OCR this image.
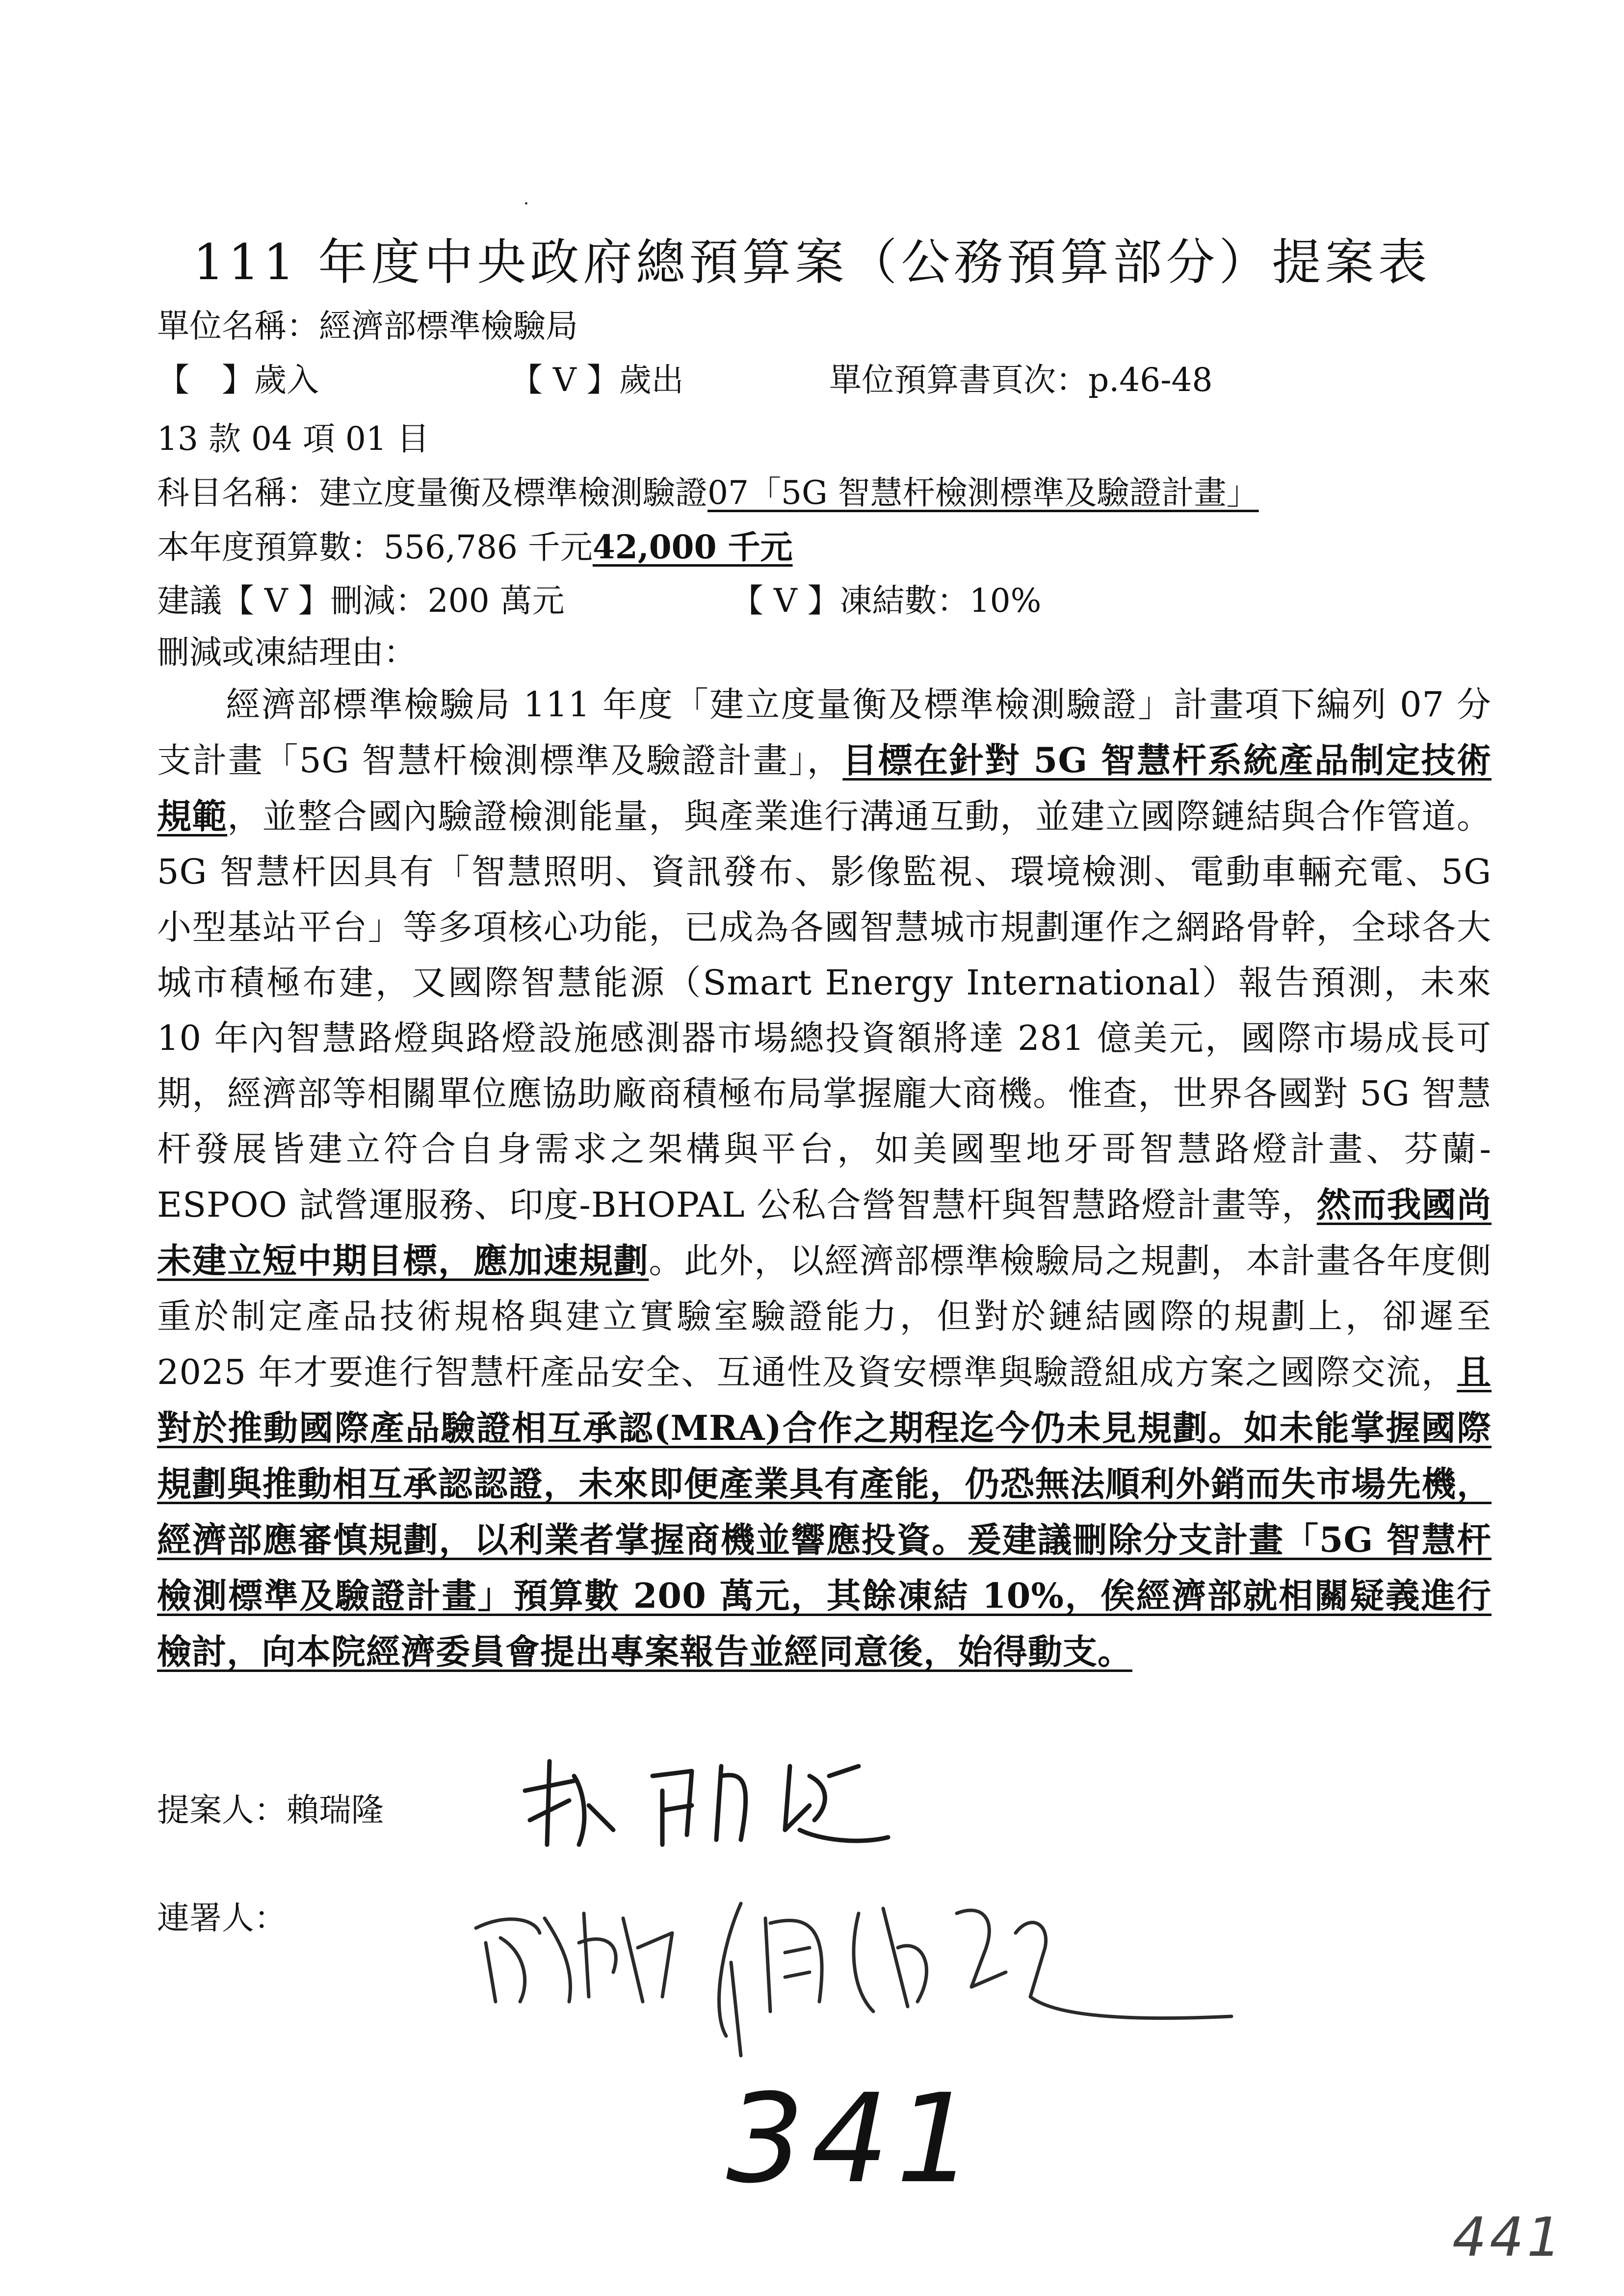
111 年度中央政府總預算案（公務預算部分）提案表
單位名稱：經濟部標準檢驗局
【　】歲入	【 V 】歲出	單位預算書頁次：p.46-48
13 款 04 項 01 目
科目名稱：建立度量衡及標準檢測驗證07「5G 智慧杆檢測標準及驗證計畫」
本年度預算數：556,786 千元42,000 千元
建議【 V 】刪減：200 萬元	【 V 】凍結數：10%
刪減或凍結理由：
經濟部標準檢驗局 111 年度「建立度量衡及標準檢測驗證」計畫項下編列 07 分支計畫「5G 智慧杆檢測標準及驗證計畫」，目標在針對 5G 智慧杆系統產品制定技術規範，並整合國內驗證檢測能量，與產業進行溝通互動，並建立國際鏈結與合作管道。5G 智慧杆因具有「智慧照明、資訊發布、影像監視、環境檢測、電動車輛充電、5G 小型基站平台」等多項核心功能，已成為各國智慧城市規劃運作之網路骨幹，全球各大城市積極布建，又國際智慧能源（Smart Energy International）報告預測，未來 10 年內智慧路燈與路燈設施感測器市場總投資額將達 281 億美元，國際市場成長可期，經濟部等相關單位應協助廠商積極布局掌握龐大商機。惟查，世界各國對 5G 智慧杆發展皆建立符合自身需求之架構與平台，如美國聖地牙哥智慧路燈計畫、芬蘭-ESPOO 試營運服務、印度-BHOPAL 公私合營智慧杆與智慧路燈計畫等，然而我國尚未建立短中期目標，應加速規劃。此外，以經濟部標準檢驗局之規劃，本計畫各年度側重於制定產品技術規格與建立實驗室驗證能力，但對於鏈結國際的規劃上，卻遲至 2025 年才要進行智慧杆產品安全、互通性及資安標準與驗證組成方案之國際交流，且對於推動國際產品驗證相互承認(MRA)合作之期程迄今仍未見規劃。如未能掌握國際規劃與推動相互承認認證，未來即便產業具有產能，仍恐無法順利外銷而失市場先機，經濟部應審慎規劃，以利業者掌握商機並響應投資。爰建議刪除分支計畫「5G 智慧杆檢測標準及驗證計畫」預算數 200 萬元，其餘凍結 10%，俟經濟部就相關疑義進行檢討，向本院經濟委員會提出專案報告並經同意後，始得動支。
提案人：賴瑞隆
連署人：
341
441
